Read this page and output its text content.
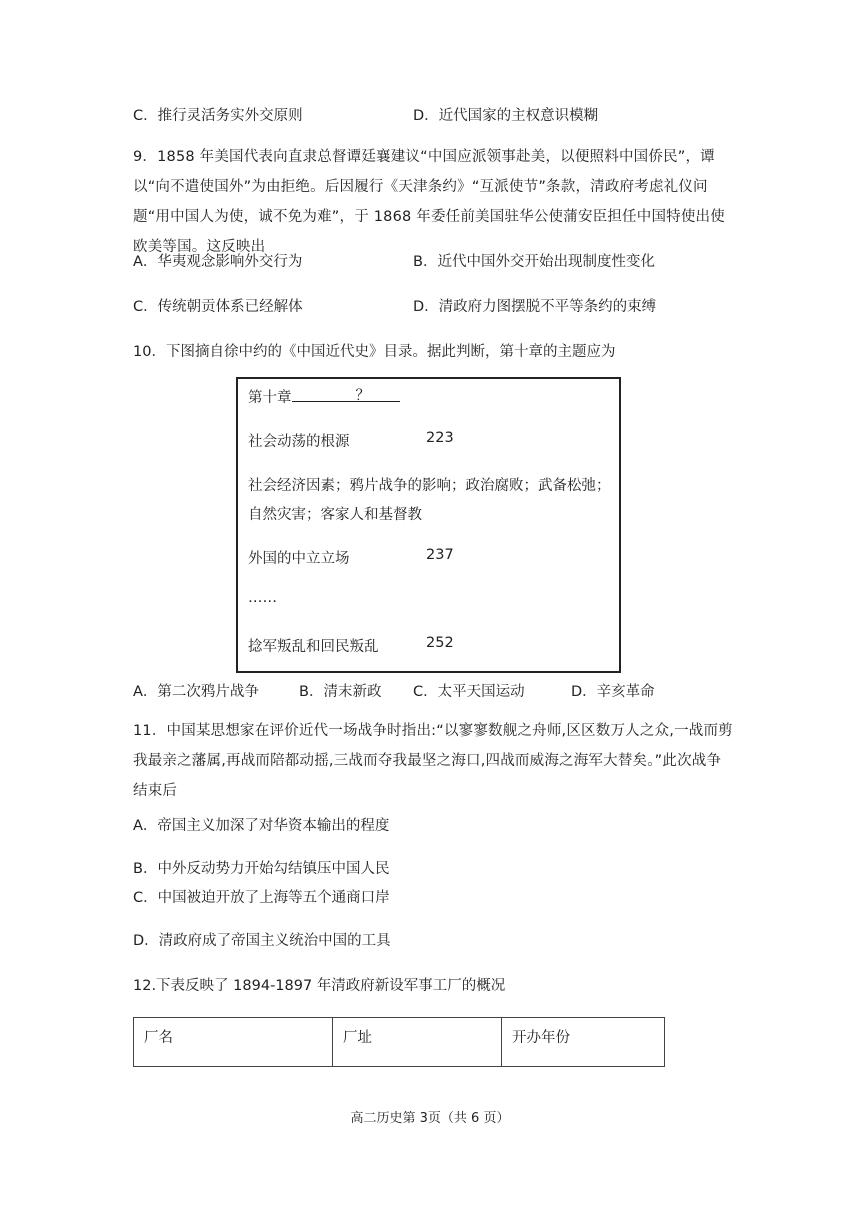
C．推行灵活务实外交原则	D．近代国家的主权意识模糊
9．1858 年美国代表向直隶总督谭廷襄建议“中国应派领事赴美，以便照料中国侨民”，谭以“向不遣使国外”为由拒绝。后因履行《天津条约》“互派使节”条款，清政府考虑礼仪问题“用中国人为使，诚不免为难”，于 1868 年委任前美国驻华公使蒲安臣担任中国特使出使欧美等国。这反映出
A．华夷观念影响外交行为	B．近代中国外交开始出现制度性变化
C．传统朝贡体系已经解体	D．清政府力图摆脱不平等条约的束缚
10．下图摘自徐中约的《中国近代史》目录。据此判断，第十章的主题应为
第十章	？
社会动荡的根源	223
社会经济因素；鸦片战争的影响；政治腐败；武备松弛；
自然灾害；客家人和基督教
外国的中立立场	237
……
捻军叛乱和回民叛乱	252
A．第二次鸦片战争	B．清末新政 C．太平天国运动	D．辛亥革命
11．中国某思想家在评价近代一场战争时指出:“以寥寥数舰之舟师,区区数万人之众,一战而剪我最亲之藩属,再战而陪都动摇,三战而夺我最坚之海口,四战而威海之海军大替矣。”此次战争结束后
A．帝国主义加深了对华资本输出的程度
B．中外反动势力开始勾结镇压中国人民
C．中国被迫开放了上海等五个通商口岸
D．清政府成了帝国主义统治中国的工具
12.下表反映了 1894-1897 年清政府新设军事工厂的概况
厂名	厂址	开办年份
高二历史第 3页（共 6 页）
